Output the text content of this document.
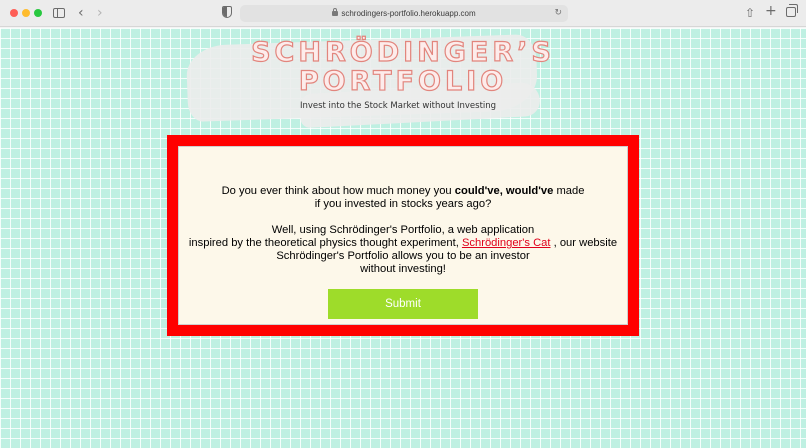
‹ ›	schrodingers-portfolio.herokuapp.com	↻	⇧ +
SCHRÖDINGER’S
PORTFOLIO
Invest into the Stock Market without Investing

Do you ever think about how much money you could've, would've made
if you invested in stocks years ago?

Well, using Schrödinger's Portfolio, a web application
inspired by the theoretical physics thought experiment, Schrödinger's Cat , our website
Schrödinger's Portfolio allows you to be an investor
without investing!

Submit
